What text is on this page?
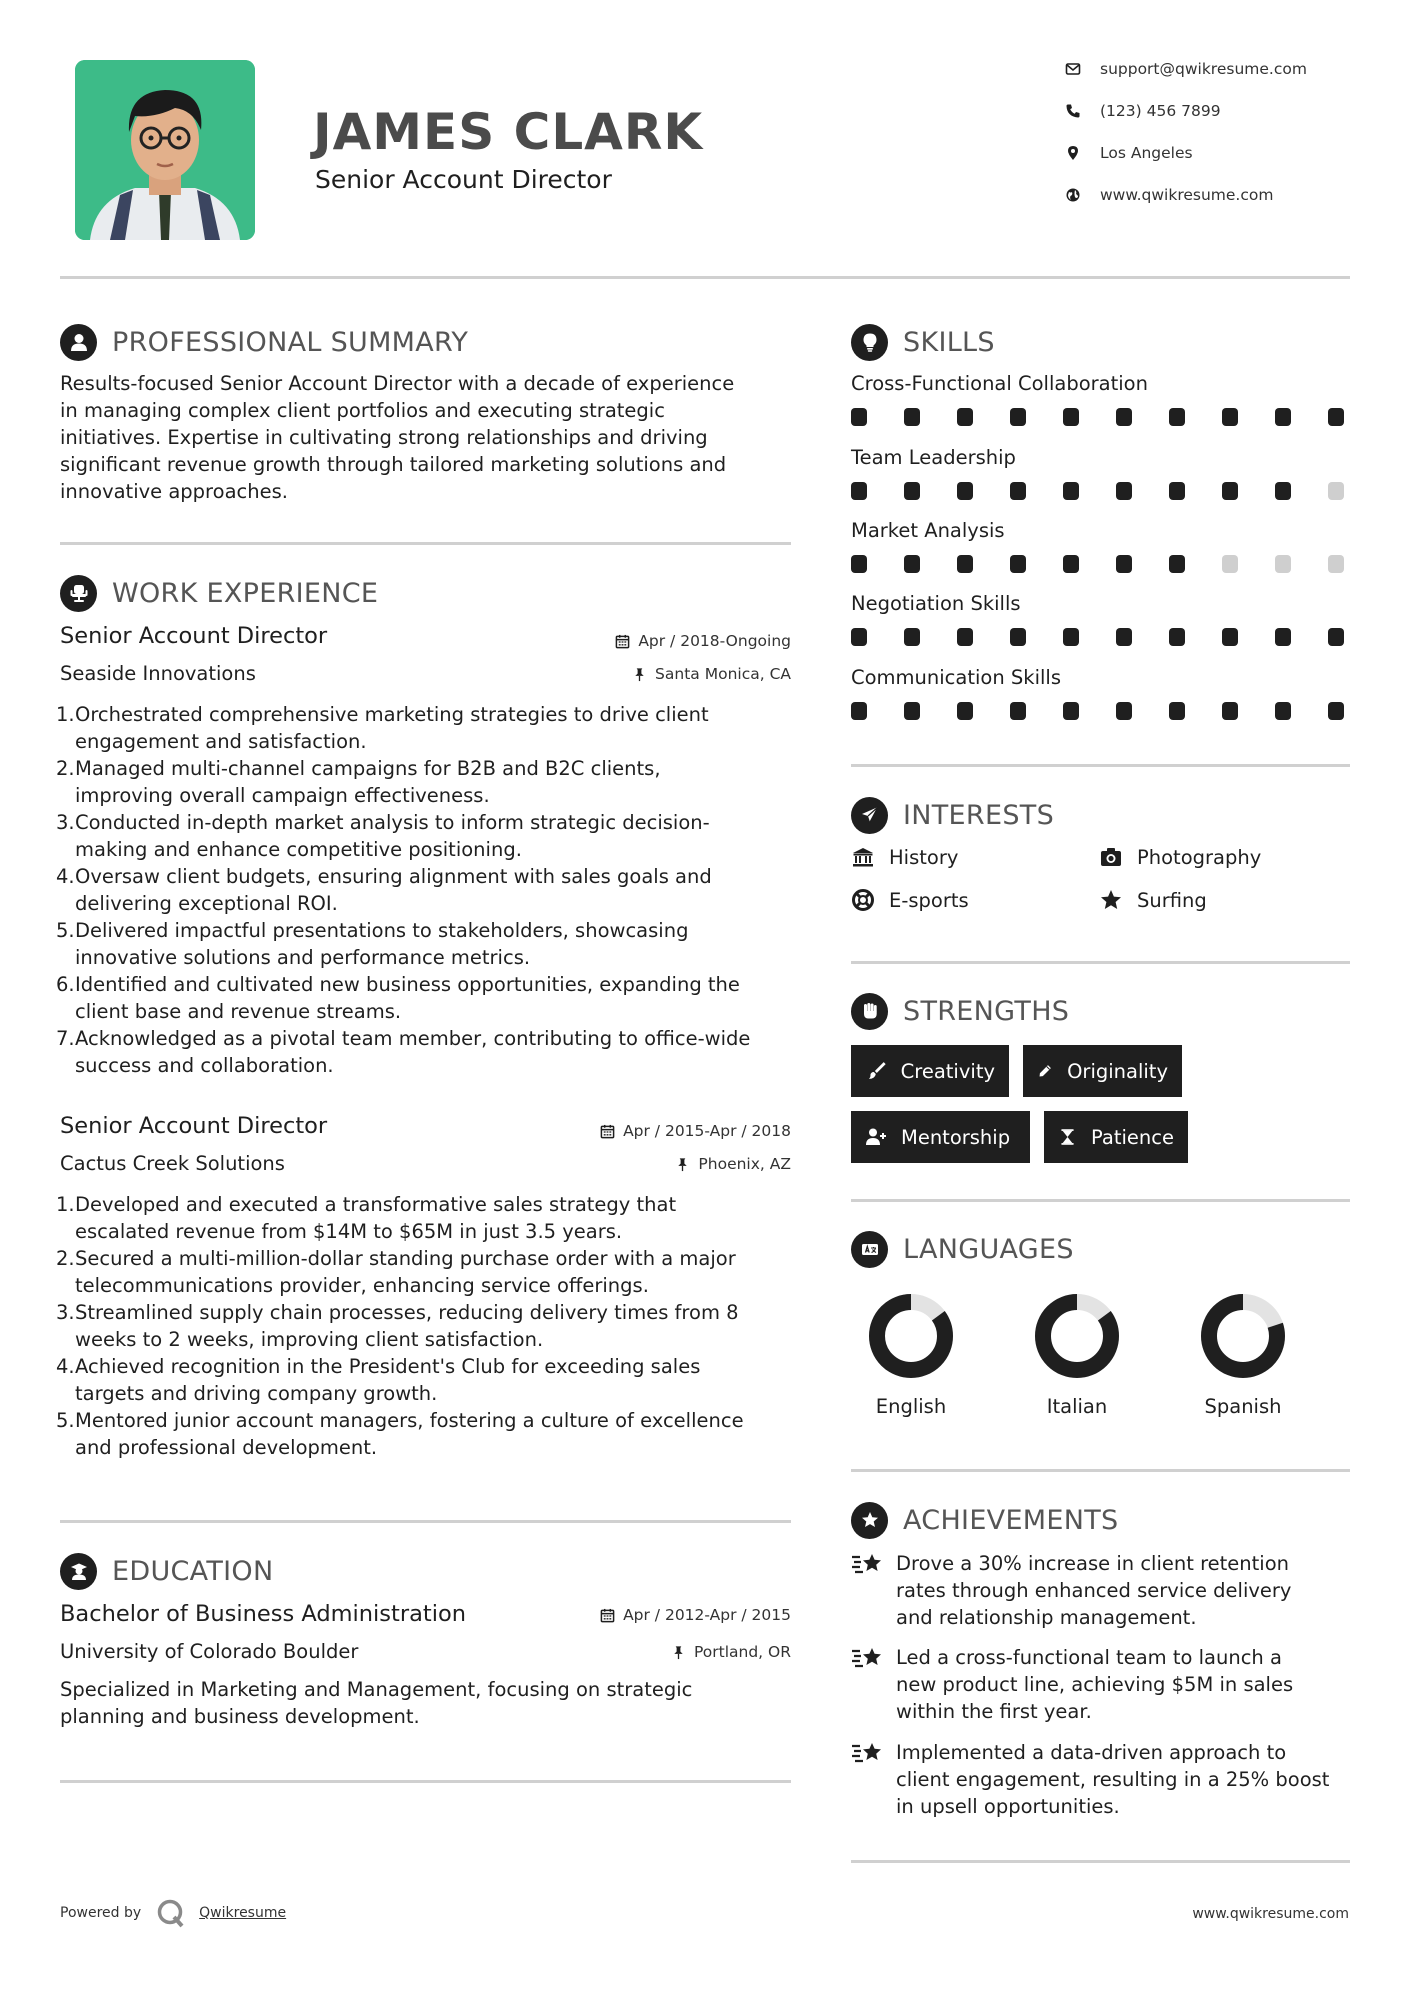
JAMES CLARK
Senior Account Director
support@qwikresume.com
(123) 456 7899
Los Angeles
www.qwikresume.com
PROFESSIONAL SUMMARY
Results-focused Senior Account Director with a decade of experience
in managing complex client portfolios and executing strategic
initiatives. Expertise in cultivating strong relationships and driving
significant revenue growth through tailored marketing solutions and
innovative approaches.
WORK EXPERIENCE
Senior Account Director	Apr / 2018-Ongoing
Seaside Innovations	Santa Monica, CA
1. Orchestrated comprehensive marketing strategies to drive client
engagement and satisfaction.
2. Managed multi-channel campaigns for B2B and B2C clients,
improving overall campaign effectiveness.
3. Conducted in-depth market analysis to inform strategic decision-
making and enhance competitive positioning.
4. Oversaw client budgets, ensuring alignment with sales goals and
delivering exceptional ROI.
5. Delivered impactful presentations to stakeholders, showcasing
innovative solutions and performance metrics.
6. Identified and cultivated new business opportunities, expanding the
client base and revenue streams.
7. Acknowledged as a pivotal team member, contributing to office-wide
success and collaboration.
Senior Account Director	Apr / 2015-Apr / 2018
Cactus Creek Solutions	Phoenix, AZ
1. Developed and executed a transformative sales strategy that
escalated revenue from $14M to $65M in just 3.5 years.
2. Secured a multi-million-dollar standing purchase order with a major
telecommunications provider, enhancing service offerings.
3. Streamlined supply chain processes, reducing delivery times from 8
weeks to 2 weeks, improving client satisfaction.
4. Achieved recognition in the President's Club for exceeding sales
targets and driving company growth.
5. Mentored junior account managers, fostering a culture of excellence
and professional development.
EDUCATION
Bachelor of Business Administration	Apr / 2012-Apr / 2015
University of Colorado Boulder	Portland, OR
Specialized in Marketing and Management, focusing on strategic
planning and business development.
SKILLS
Cross-Functional Collaboration
Team Leadership
Market Analysis
Negotiation Skills
Communication Skills
INTERESTS
History	Photography
E-sports	Surfing
STRENGTHS
Creativity	Originality
Mentorship	Patience
LANGUAGES
English	Italian	Spanish
ACHIEVEMENTS
Drove a 30% increase in client retention
rates through enhanced service delivery
and relationship management.
Led a cross-functional team to launch a
new product line, achieving $5M in sales
within the first year.
Implemented a data-driven approach to
client engagement, resulting in a 25% boost
in upsell opportunities.
Powered by	Qwikresume	www.qwikresume.com
